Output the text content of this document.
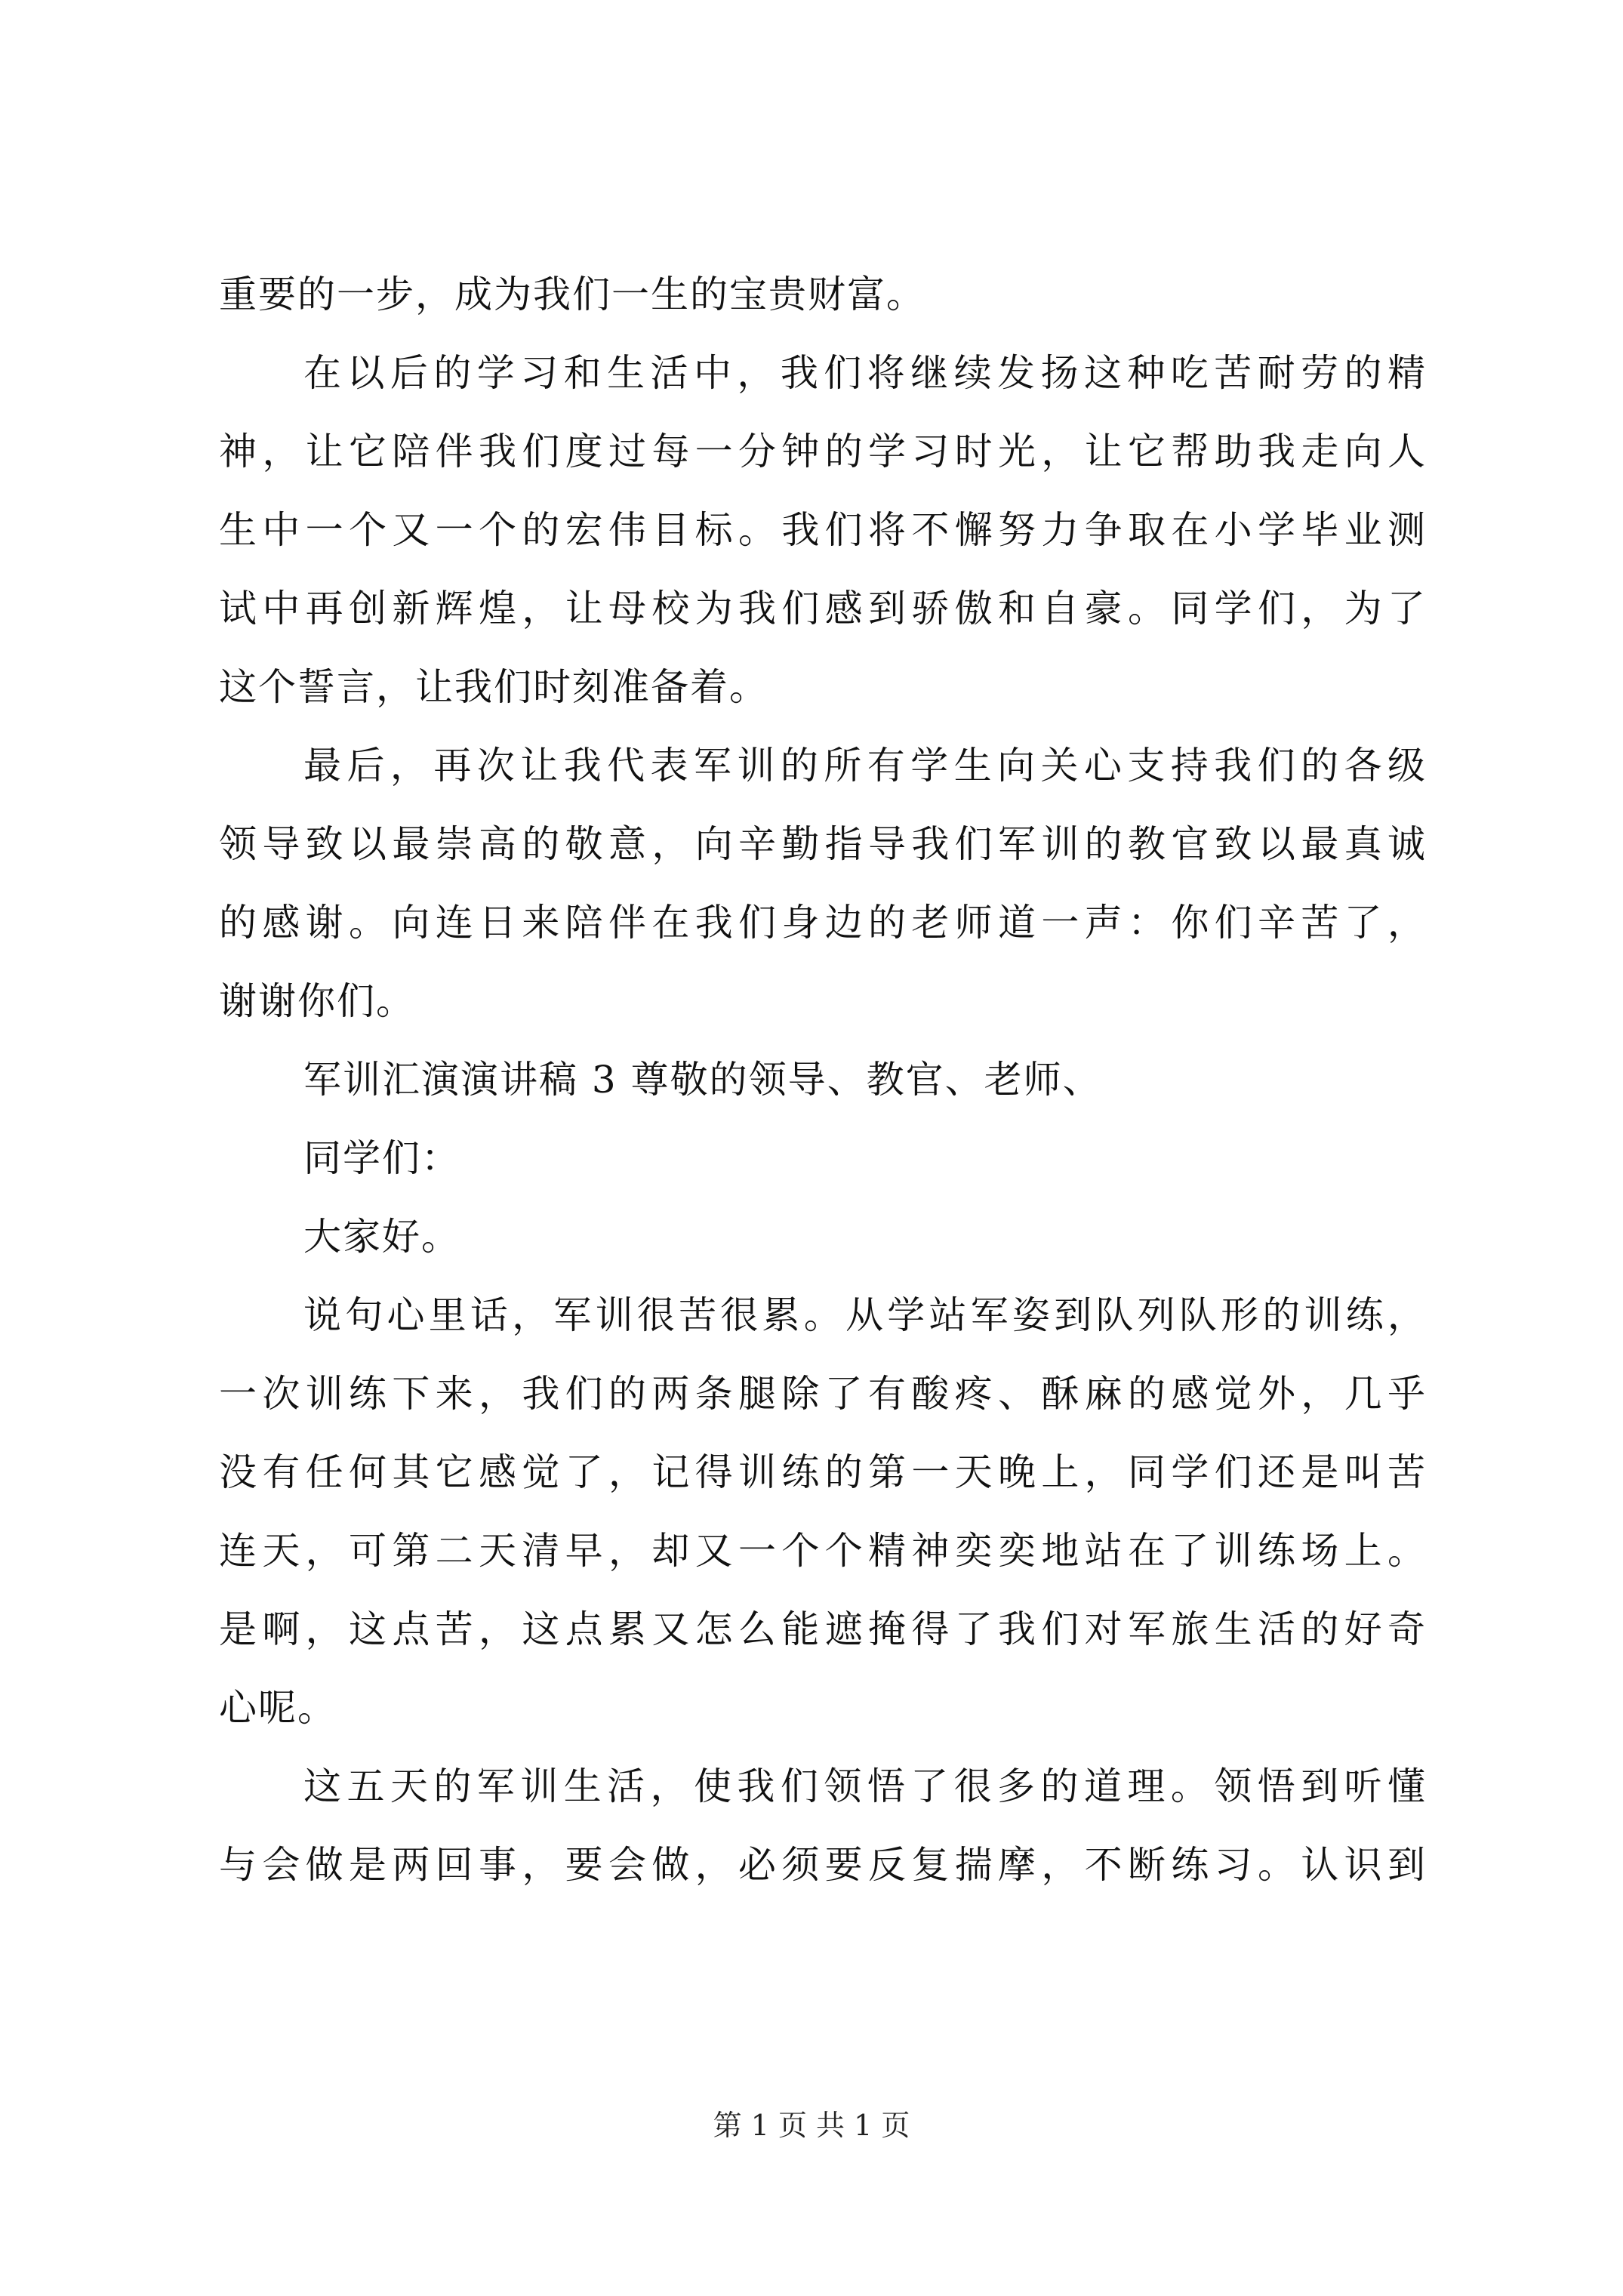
重要的一步，成为我们一生的宝贵财富。
在以后的学习和生活中，我们将继续发扬这种吃苦耐劳的精
神，让它陪伴我们度过每一分钟的学习时光，让它帮助我走向人
生中一个又一个的宏伟目标。我们将不懈努力争取在小学毕业测
试中再创新辉煌，让母校为我们感到骄傲和自豪。同学们，为了
这个誓言，让我们时刻准备着。
最后，再次让我代表军训的所有学生向关心支持我们的各级
领导致以最崇高的敬意，向辛勤指导我们军训的教官致以最真诚
的感谢。向连日来陪伴在我们身边的老师道一声：你们辛苦了，
谢谢你们。
军训汇演演讲稿 3 尊敬的领导、教官、老师、
同学们：
大家好。
说句心里话，军训很苦很累。从学站军姿到队列队形的训练，
一次训练下来，我们的两条腿除了有酸疼、酥麻的感觉外，几乎
没有任何其它感觉了，记得训练的第一天晚上，同学们还是叫苦
连天，可第二天清早，却又一个个精神奕奕地站在了训练场上。
是啊，这点苦，这点累又怎么能遮掩得了我们对军旅生活的好奇
心呢。
这五天的军训生活，使我们领悟了很多的道理。领悟到听懂
与会做是两回事，要会做，必须要反复揣摩，不断练习。认识到
第 1 页 共 1 页
